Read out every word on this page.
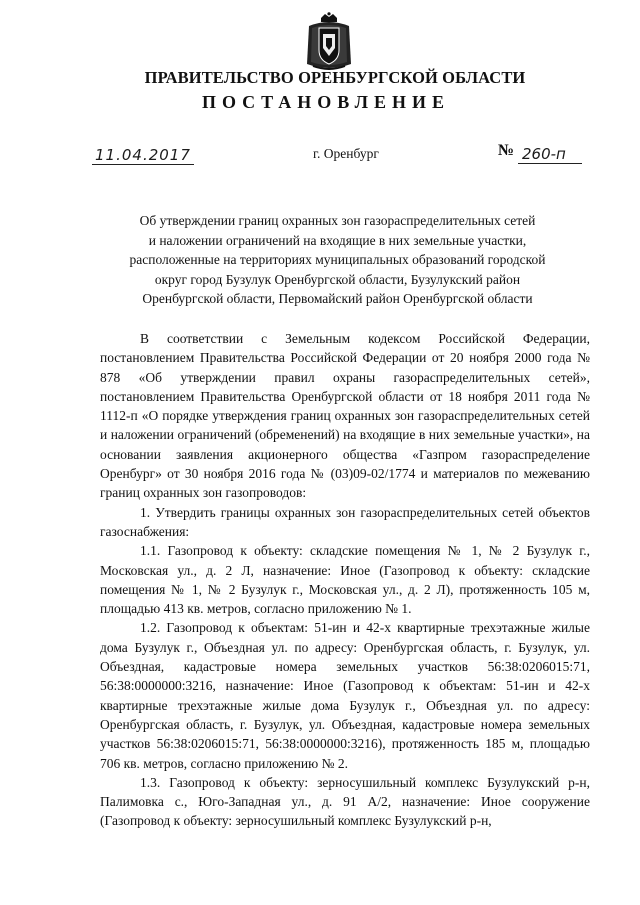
ПРАВИТЕЛЬСТВО ОРЕНБУРГСКОЙ ОБЛАСТИ
ПОСТАНОВЛЕНИЕ
11.04.2017	г. Оренбург	№ 260-п
Об утверждении границ охранных зон газораспределительных сетей
и наложении ограничений на входящие в них земельные участки,
расположенные на территориях муниципальных образований городской
округ город Бузулук Оренбургской области, Бузулукский район
Оренбургской области, Первомайский район Оренбургской области

В соответствии с Земельным кодексом Российской Федерации, постановлением Правительства Российской Федерации от 20 ноября 2000 года № 878 «Об утверждении правил охраны газораспределительных сетей», постановлением Правительства Оренбургской области от 18 ноября 2011 года № 1112-п «О порядке утверждения границ охранных зон газораспределительных сетей и наложении ограничений (обременений) на входящие в них земельные участки», на основании заявления акционерного общества «Газпром газораспределение Оренбург» от 30 ноября 2016 года № (03)09-02/1774 и материалов по межеванию границ охранных зон газопроводов:

1. Утвердить границы охранных зон газораспределительных сетей объектов газоснабжения:

1.1. Газопровод к объекту: складские помещения № 1, № 2 Бузулук г., Московская ул., д. 2 Л, назначение: Иное (Газопровод к объекту: складские помещения № 1, № 2 Бузулук г., Московская ул., д. 2 Л), протяженность 105 м, площадью 413 кв. метров, согласно приложению № 1.

1.2. Газопровод к объектам: 51-ин и 42-х квартирные трехэтажные жилые дома Бузулук г., Объездная ул. по адресу: Оренбургская область, г. Бузулук, ул. Объездная, кадастровые номера земельных участков 56:38:0206015:71, 56:38:0000000:3216, назначение: Иное (Газопровод к объектам: 51-ин и 42-х квартирные трехэтажные жилые дома Бузулук г., Объездная ул. по адресу: Оренбургская область, г. Бузулук, ул. Объездная, кадастровые номера земельных участков 56:38:0206015:71, 56:38:0000000:3216), протяженность 185 м, площадью 706 кв. метров, согласно приложению № 2.

1.3. Газопровод к объекту: зерносушильный комплекс Бузулукский р-н, Палимовка с., Юго-Западная ул., д. 91 А/2, назначение: Иное сооружение (Газопровод к объекту: зерносушильный комплекс Бузулукский р-н,
